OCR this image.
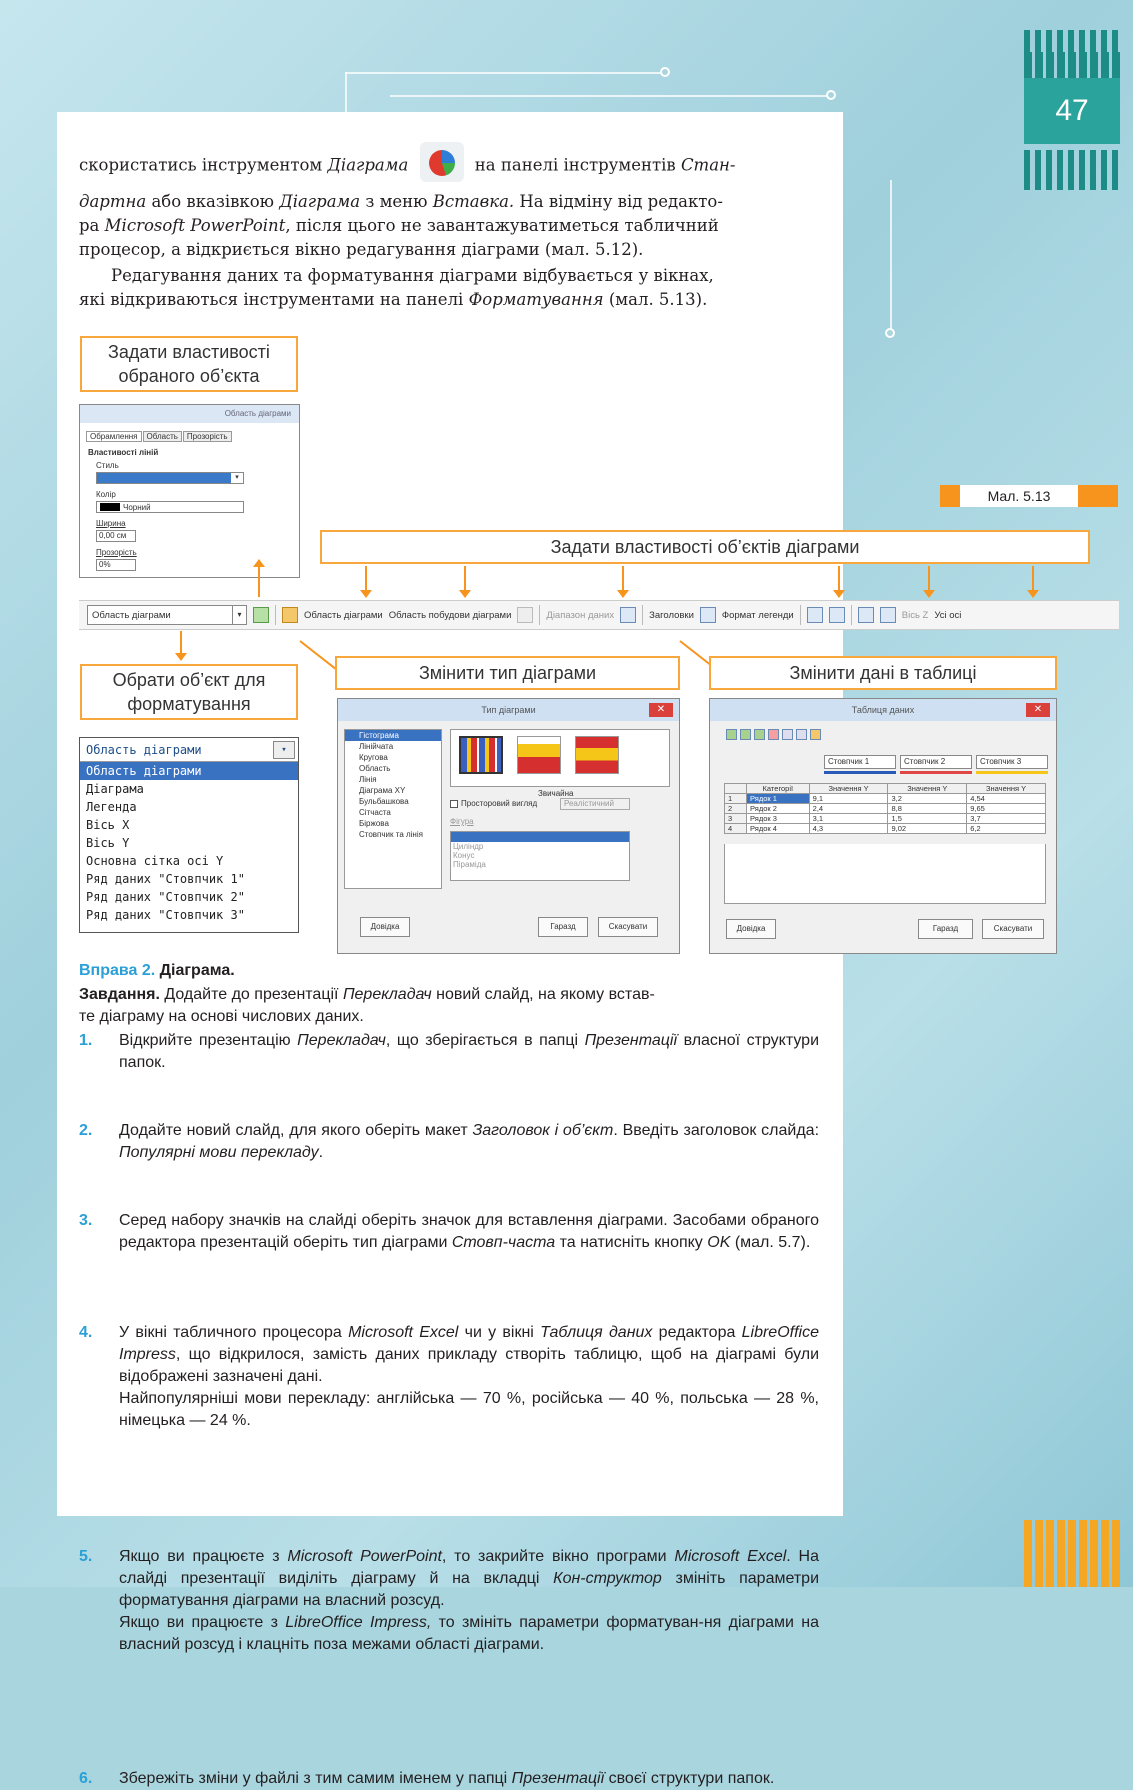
47
скористатись інструментом Діаграма	на панелі інструментів Стан-
дартна або вказівкою Діаграма з меню Вставка. На відміну від редакто-
ра Microsoft PowerPoint, після цього не завантажуватиметься табличний
процесор, а відкриється вікно редагування діаграми (мал. 5.12).
Редагування даних та форматування діаграми відбувається у вікнах,
які відкриваються інструментами на панелі Форматування (мал. 5.13).
Задати властивості обраного об’єкта
Область діаграми
Обрамлення	Область	Прозорість
Властивості ліній
Стиль
▾
Колір
Чорний
Ширина
0,00 см
Прозорість
0%
Мал. 5.13
Задати властивості об’єктів діаграми
Область діаграми	▾	Область діаграми Область побудови діаграми	Діапазон даних	Заголовки	Формат легенди	Вісь Z Усі осі
Обрати об’єкт для форматування
Змінити тип діаграми	Змінити дані в таблиці
Область діаграми	▾
Область діаграми
Діаграма
Легенда
Вісь X
Вісь Y
Основна сітка осі Y
Ряд даних "Стовпчик 1"
Ряд даних "Стовпчик 2"
Ряд даних "Стовпчик 3"
Тип діаграми	✕
Гістограма
Лінійчата
Кругова
Область
Лінія
Діаграма XY
Бульбашкова
Сітчаста
Біржова
Стовпчик та лінія
Звичайна
Просторовий вигляд	Реалістичний
Фігура
Циліндр
Конус
Піраміда
Довідка	Гаразд	Скасувати
Таблиця даних	✕
Стовпчик 1	Стовпчик 2	Стовпчик 3
	Категорії	Значення Y	Значення Y	Значення Y
1	Рядок 1	9,1	3,2	4,54
2	Рядок 2	2,4	8,8	9,65
3	Рядок 3	3,1	1,5	3,7
4	Рядок 4	4,3	9,02	6,2
Довідка	Гаразд	Скасувати
Вправа 2. Діаграма.
Завдання. Додайте до презентації Перекладач новий слайд, на якому встав-
те діаграму на основі числових даних.
1. Відкрийте презентацію Перекладач, що зберігається в папці Презентації власної структури папок.
2. Додайте новий слайд, для якого оберіть макет Заголовок і об’єкт. Введіть заголовок слайда: Популярні мови перекладу.
3. Серед набору значків на слайді оберіть значок для вставлення діаграми. Засобами обраного редактора презентацій оберіть тип діаграми Стовп-часта та натисніть кнопку OK (мал. 5.7).
4. У вікні табличного процесора Microsoft Excel чи у вікні Таблиця даних редактора LibreOffice Impress, що відкрилося, замість даних прикладу створіть таблицю, щоб на діаграмі були відображені зазначені дані.
Найпопулярніші мови перекладу: англійська — 70 %, російська — 40 %, польська — 28 %, німецька — 24 %.
5. Якщо ви працюєте з Microsoft PowerPoint, то закрийте вікно програми Microsoft Excel. На слайді презентації виділіть діаграму й на вкладці Кон-структор змініть параметри форматування діаграми на власний розсуд.
Якщо ви працюєте з LibreOffice Impress, то змініть параметри форматуван-ня діаграми на власний розсуд і клацніть поза межами області діаграми.
6. Збережіть зміни у файлі з тим самим іменем у папці Презентації своєї структури папок.
